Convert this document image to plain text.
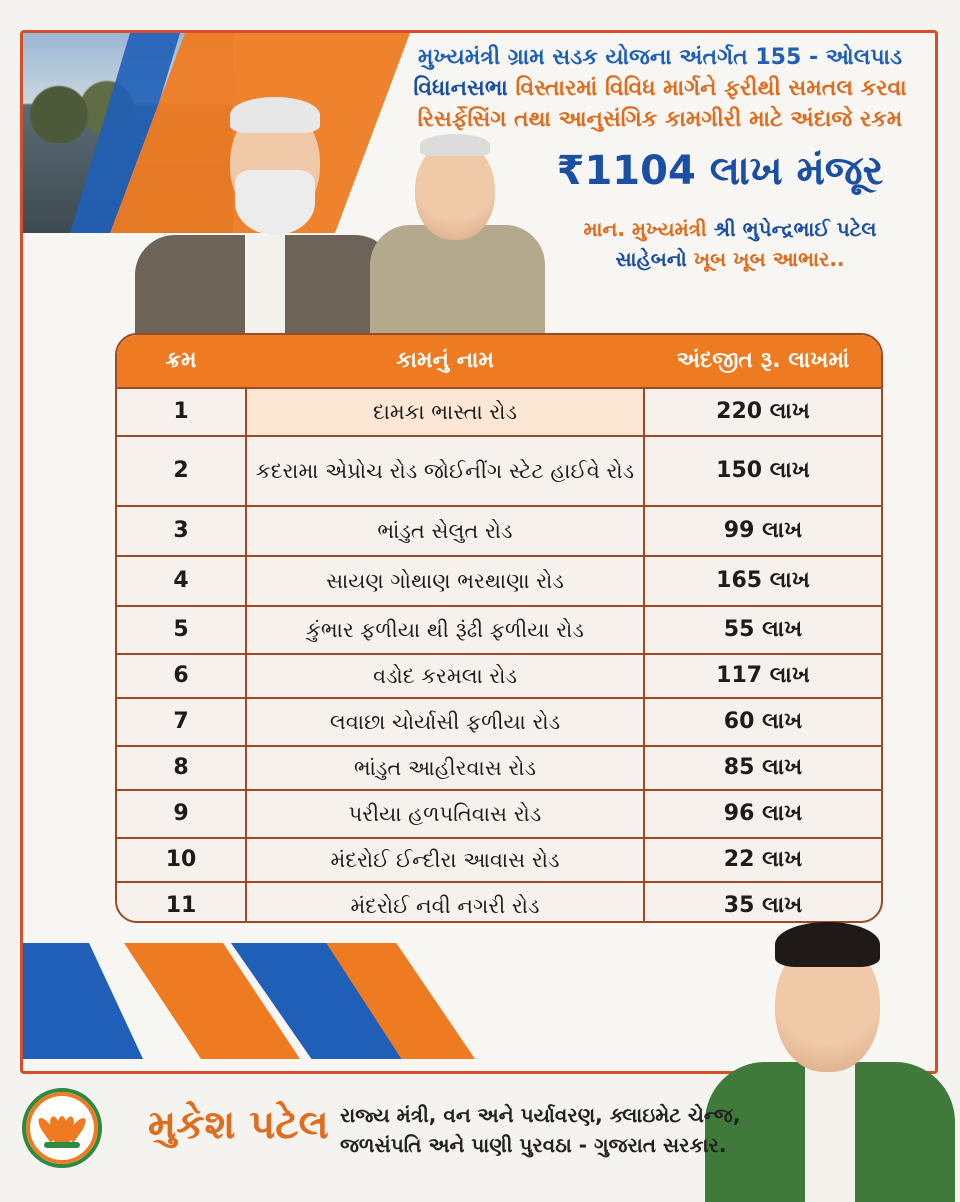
મુખ્યમંત્રી ગ્રામ સડક યોજના અંતર્ગત 155 - ઓલપાડ
વિધાનસભા વિસ્તારમાં વિવિધ માર્ગને ફરીથી સમતલ કરવા
રિસર્ફેસિંગ તથા આનુસંગિક કામગીરી માટે અંદાજે રકમ
₹1104 લાખ મંજૂર
માન. મુખ્યમંત્રી શ્રી ભુપેન્દ્રભાઈ પટેલ
સાહેબનો ખૂબ ખૂબ આભાર..
ક્રમ	કામનું નામ	અંદજીત રૂ. લાખમાં
1	દામકા ભાસ્તા રોડ	220 લાખ
2	કદરામા એપ્રોચ રોડ જોઈનીંગ સ્ટેટ હાઈવે રોડ	150 લાખ
3	ભાંડુત સેલુત રોડ	99 લાખ
4	સાયણ ગોથાણ ભરથાણા રોડ	165 લાખ
5	કુંભાર ફળીયા થી રૂંઢી ફળીયા રોડ	55 લાખ
6	વડોદ કરમલા રોડ	117 લાખ
7	લવાછા ચોર્યાસી ફળીયા રોડ	60 લાખ
8	ભાંડુત આહીરવાસ રોડ	85 લાખ
9	પરીયા હળપતિવાસ રોડ	96 લાખ
10	મંદરોઈ ઈન્દીરા આવાસ રોડ	22 લાખ
11	મંદરોઈ નવી નગરી રોડ	35 લાખ
મુકેશ પટેલ રાજ્ય મંત્રી, વન અને પર્યાવરણ, ક્લાઇમેટ ચેન્જ,
જળસંપતિ અને પાણી પુરવઠા - ગુજરાત સરકાર.
